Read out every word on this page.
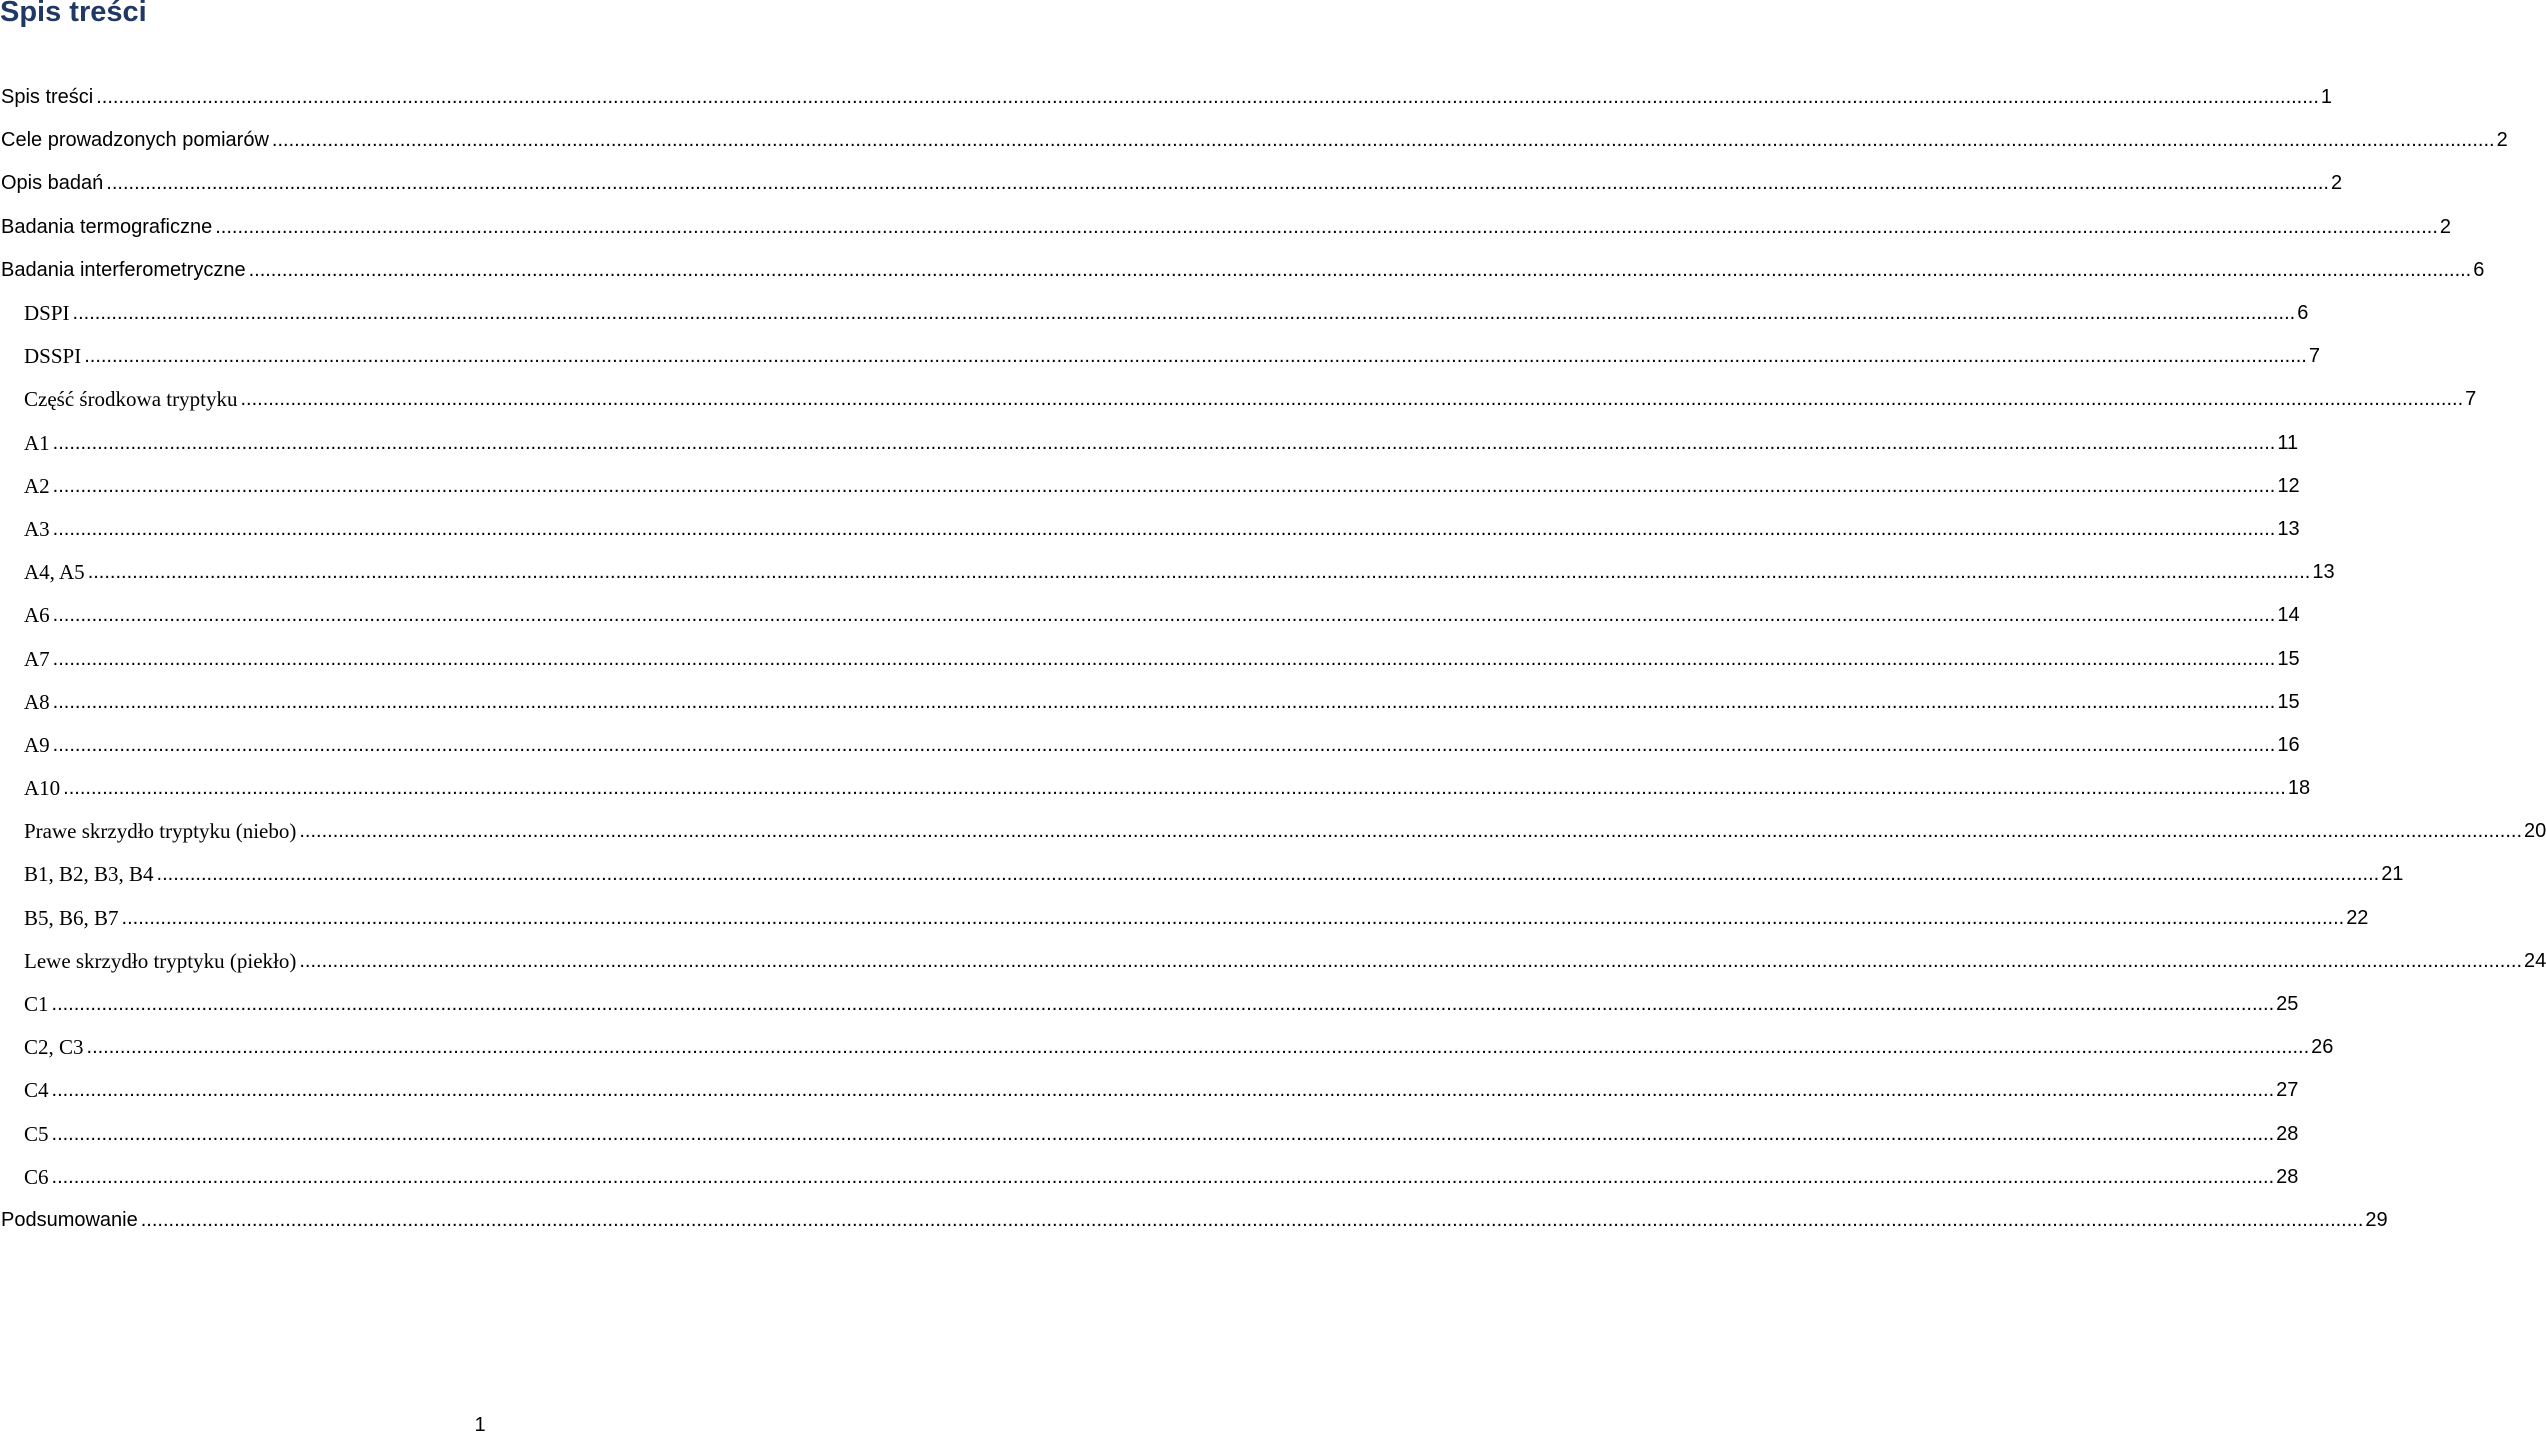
Spis treści
Spis treści ................................................................................................................................................................................................................................................................................................................................................................................................................ 1
Cele prowadzonych pomiarów ................................................................................................................................................................................................................................................................................................................................................................................................................ 2
Opis badań ................................................................................................................................................................................................................................................................................................................................................................................................................ 2
Badania termograficzne ................................................................................................................................................................................................................................................................................................................................................................................................................ 2
Badania interferometryczne ................................................................................................................................................................................................................................................................................................................................................................................................................ 6
DSPI ................................................................................................................................................................................................................................................................................................................................................................................................................ 6
DSSPI ................................................................................................................................................................................................................................................................................................................................................................................................................ 7
Część środkowa tryptyku ................................................................................................................................................................................................................................................................................................................................................................................................................ 7
A1 ................................................................................................................................................................................................................................................................................................................................................................................................................ 11
A2 ................................................................................................................................................................................................................................................................................................................................................................................................................ 12
A3 ................................................................................................................................................................................................................................................................................................................................................................................................................ 13
A4, A5 ................................................................................................................................................................................................................................................................................................................................................................................................................ 13
A6 ................................................................................................................................................................................................................................................................................................................................................................................................................ 14
A7 ................................................................................................................................................................................................................................................................................................................................................................................................................ 15
A8 ................................................................................................................................................................................................................................................................................................................................................................................................................ 15
A9 ................................................................................................................................................................................................................................................................................................................................................................................................................ 16
A10 ................................................................................................................................................................................................................................................................................................................................................................................................................ 18
Prawe skrzydło tryptyku (niebo) ................................................................................................................................................................................................................................................................................................................................................................................................................ 20
B1, B2, B3, B4 ................................................................................................................................................................................................................................................................................................................................................................................................................ 21
B5, B6, B7 ................................................................................................................................................................................................................................................................................................................................................................................................................ 22
Lewe skrzydło tryptyku (piekło) ................................................................................................................................................................................................................................................................................................................................................................................................................ 24
C1 ................................................................................................................................................................................................................................................................................................................................................................................................................ 25
C2, C3 ................................................................................................................................................................................................................................................................................................................................................................................................................ 26
C4 ................................................................................................................................................................................................................................................................................................................................................................................................................ 27
C5 ................................................................................................................................................................................................................................................................................................................................................................................................................ 28
C6 ................................................................................................................................................................................................................................................................................................................................................................................................................ 28
Podsumowanie ................................................................................................................................................................................................................................................................................................................................................................................................................ 29
1
